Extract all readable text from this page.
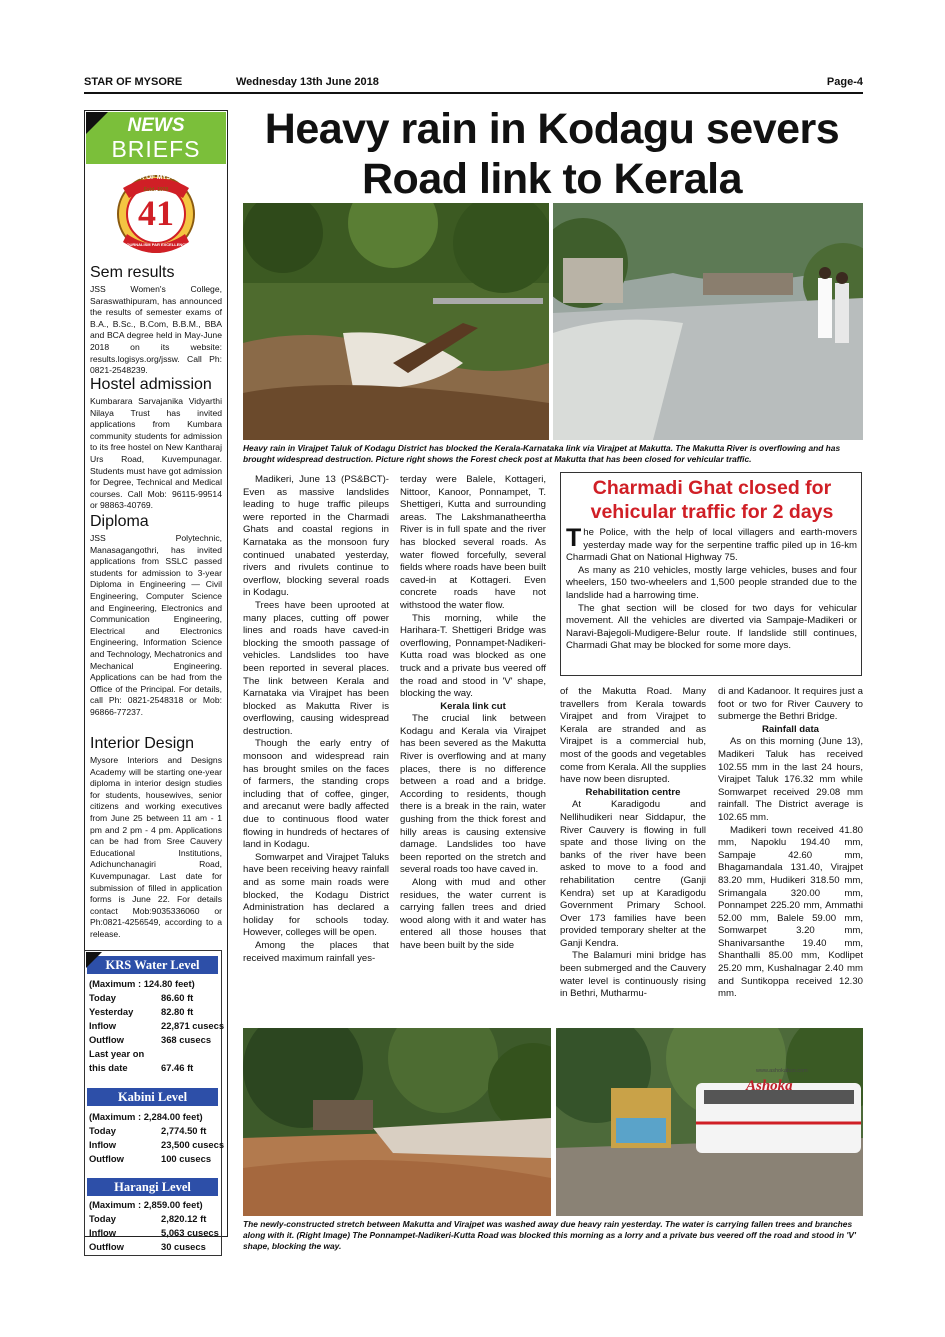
STAR OF MYSORE	Wednesday 13th June 2018	Page-4
Heavy rain in Kodagu severs
Road link to Kerala
NEWS
BRIEFS
STAR OF MYSORE
Estd. 1978
41
JOURNALISM PAR EXCELLENCE
Sem results
JSS Women's College, Saraswathipuram, has announced the results of semester exams of B.A., B.Sc., B.Com, B.B.M., BBA and BCA degree held in May-June 2018 on its website: results.logisys.org/jssw. Call Ph: 0821-2548239.
Hostel admission
Kumbarara Sarvajanika Vidyarthi Nilaya Trust has invited applications from Kumbara community students for admission to its free hostel on New Kantharaj Urs Road, Kuvempunagar. Students must have got admission for Degree, Technical and Medical courses. Call Mob: 96115-99514 or 98863-40769.
Diploma
JSS Polytechnic, Manasagangothri, has invited applications from SSLC passed students for admission to 3-year Diploma in Engineering — Civil Engineering, Computer Science and Engineering, Electronics and Communication Engineering, Electrical and Electronics Engineering, Information Science and Technology, Mechatronics and Mechanical Engineering. Applications can be had from the Office of the Principal. For details, call Ph: 0821-2548318 or Mob: 96866-77237.
Interior Design
Mysore Interiors and Designs Academy will be starting one-year diploma in interior design studies for students, housewives, senior citizens and working executives from June 25 between 11 am - 1 pm and 2 pm - 4 pm. Applications can be had from Sree Cauvery Educational Institutions, Adichunchanagiri Road, Kuvempunagar. Last date for submission of filled in application forms is June 22. For details contact Mob:9035336060 or Ph:0821-4256549, according to a release.
KRS Water Level
(Maximum : 124.80 feet)
Today	86.60 ft
Yesterday	82.80 ft
Inflow	22,871 cusecs
Outflow	368 cusecs
Last year on
this date	67.46 ft
Kabini Level
(Maximum : 2,284.00 feet)
Today	2,774.50 ft
Inflow	23,500 cusecs
Outflow	100 cusecs
Harangi Level
(Maximum : 2,859.00 feet)
Today	2,820.12 ft
Inflow	5,063 cusecs
Outflow	30 cusecs
Heavy rain in Virajpet Taluk of Kodagu District has blocked the Kerala-Karnataka link via Virajpet at Makutta. The Makutta River is overflowing and has brought widespread destruction. Picture right shows the Forest check post at Makutta that has been closed for vehicular traffic.

Madikeri, June 13 (PS&BCT)- Even as massive landslides leading to huge traffic pileups were reported in the Charmadi Ghats and coastal regions in Karnataka as the monsoon fury continued unabated yesterday, rivers and rivulets continue to overflow, blocking several roads in Kodagu.

Trees have been uprooted at many places, cutting off power lines and roads have caved-in blocking the smooth passage of vehicles. Landslides too have been reported in several places. The link between Kerala and Karnataka via Virajpet has been blocked as Makutta River is overflowing, causing widespread destruction.

Though the early entry of monsoon and widespread rain has brought smiles on the faces of farmers, the standing crops including that of coffee, ginger, and arecanut were badly affected due to continuous flood water flowing in hundreds of hectares of land in Kodagu.

Somwarpet and Virajpet Taluks have been receiving heavy rainfall and as some main roads were blocked, the Kodagu District Administration has declared a holiday for schools today. However, colleges will be open.

Among the places that received maximum rainfall yes-

terday were Balele, Kottageri, Nittoor, Kanoor, Ponnampet, T. Shettigeri, Kutta and surrounding areas. The Lakshmanatheertha River is in full spate and the river has blocked several roads. As water flowed forcefully, several fields where roads have been built caved-in at Kottageri. Even concrete roads have not withstood the water flow.

This morning, while the Harihara-T. Shettigeri Bridge was overflowing, Ponnampet-Nadikeri-Kutta road was blocked as one truck and a private bus veered off the road and stood in 'V' shape, blocking the way.

Kerala link cut

The crucial link between Kodagu and Kerala via Virajpet has been severed as the Makutta River is overflowing and at many places, there is no difference between a road and a bridge. According to residents, though there is a break in the rain, water gushing from the thick forest and hilly areas is causing extensive damage. Landslides too have been reported on the stretch and several roads too have caved in.

Along with mud and other residues, the water current is carrying fallen trees and dried wood along with it and water has entered all those houses that have been built by the side

Charmadi Ghat closed for vehicular traffic for 2 days

The Police, with the help of local villagers and earth-movers yesterday made way for the serpentine traffic piled up in 16-km Charmadi Ghat on National Highway 75.

As many as 210 vehicles, mostly large vehicles, buses and four wheelers, 150 two-wheelers and 1,500 people stranded due to the landslide had a harrowing time.

The ghat section will be closed for two days for vehicular movement. All the vehicles are diverted via Sampaje-Madikeri or Naravi-Bajegoli-Mudigere-Belur route. If landslide still continues, Charmadi Ghat may be blocked for some more days.

of the Makutta Road. Many travellers from Kerala towards Virajpet and from Virajpet to Kerala are stranded and as Virajpet is a commercial hub, most of the goods and vegetables come from Kerala. All the supplies have now been disrupted.

Rehabilitation centre

At Karadigodu and Nellihudikeri near Siddapur, the River Cauvery is flowing in full spate and those living on the banks of the river have been asked to move to a food and rehabilitation centre (Ganji Kendra) set up at Karadigodu Government Primary School. Over 173 families have been provided temporary shelter at the Ganji Kendra.

The Balamuri mini bridge has been submerged and the Cauvery water level is continuously rising in Bethri, Mutharmu-

di and Kadanoor. It requires just a foot or two for River Cauvery to submerge the Bethri Bridge.

Rainfall data

As on this morning (June 13), Madikeri Taluk has received 102.55 mm in the last 24 hours, Virajpet Taluk 176.32 mm while Somwarpet received 29.08 mm rainfall. The District average is 102.65 mm.

Madikeri town received 41.80 mm, Napoklu 194.40 mm, Sampaje 42.60 mm, Bhagamandala 131.40, Virajpet 83.20 mm, Hudikeri 318.50 mm, Srimangala 320.00 mm, Ponnampet 225.20 mm, Ammathi 52.00 mm, Balele 59.00 mm, Somwarpet 3.20 mm, Shanivarsanthe 19.40 mm, Shanthalli 85.00 mm, Kodlipet 25.20 mm, Kushalnagar 2.40 mm and Suntikoppa received 12.30 mm.

Ashoka
www.ashokabus.com
The newly-constructed stretch between Makutta and Virajpet was washed away due heavy rain yesterday. The water is carrying fallen trees and branches along with it. (Right Image) The Ponnampet-Nadikeri-Kutta Road was blocked this morning as a lorry and a private bus veered off the road and stood in 'V' shape, blocking the way.
